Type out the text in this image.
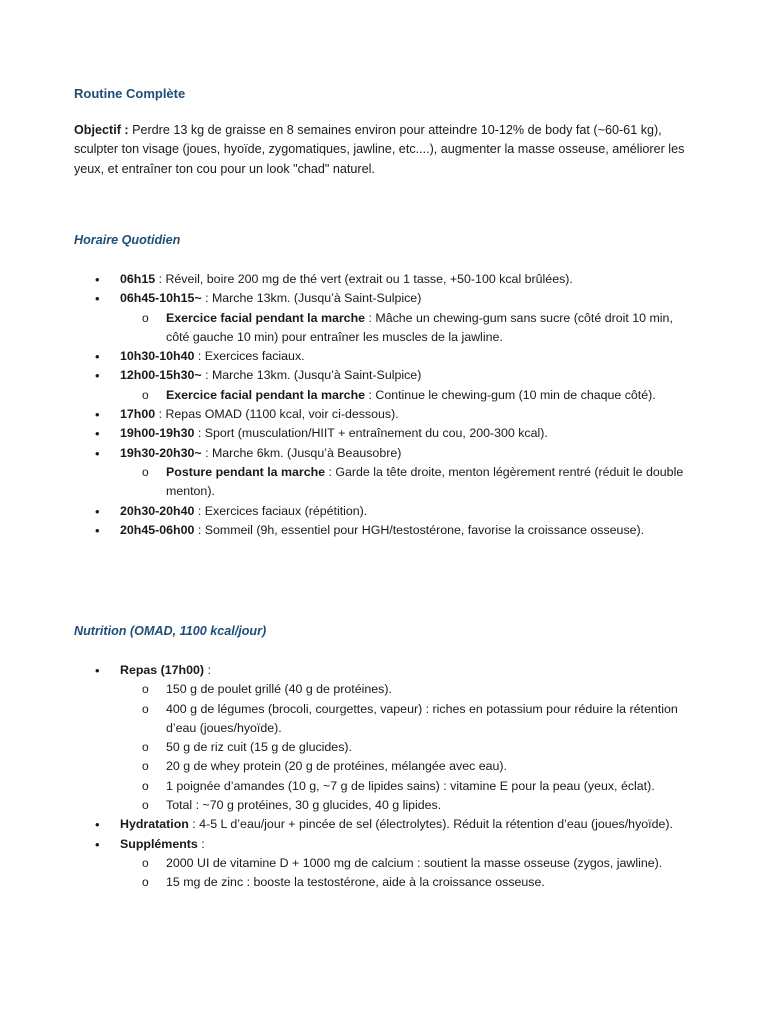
Routine Complète
Objectif : Perdre 13 kg de graisse en 8 semaines environ pour atteindre 10-12% de body fat (~60-61 kg), sculpter ton visage (joues, hyoïde, zygomatiques, jawline, etc....), augmenter la masse osseuse, améliorer les yeux, et entraîner ton cou pour un look "chad" naturel.
Horaire Quotidien
• 06h15 : Réveil, boire 200 mg de thé vert (extrait ou 1 tasse, +50-100 kcal brûlées).
• 06h45-10h15~ : Marche 13km. (Jusqu’à Saint-Sulpice)
o Exercice facial pendant la marche : Mâche un chewing-gum sans sucre (côté droit 10 min, côté gauche 10 min) pour entraîner les muscles de la jawline.
• 10h30-10h40 : Exercices faciaux.
• 12h00-15h30~ : Marche 13km. (Jusqu’à Saint-Sulpice)
o Exercice facial pendant la marche : Continue le chewing-gum (10 min de chaque côté).
• 17h00 : Repas OMAD (1100 kcal, voir ci-dessous).
• 19h00-19h30 : Sport (musculation/HIIT + entraînement du cou, 200-300 kcal).
• 19h30-20h30~ : Marche 6km. (Jusqu’à Beausobre)
o Posture pendant la marche : Garde la tête droite, menton légèrement rentré (réduit le double menton).
• 20h30-20h40 : Exercices faciaux (répétition).
• 20h45-06h00 : Sommeil (9h, essentiel pour HGH/testostérone, favorise la croissance osseuse).
Nutrition (OMAD, 1100 kcal/jour)
• Repas (17h00) :
o 150 g de poulet grillé (40 g de protéines).
o 400 g de légumes (brocoli, courgettes, vapeur) : riches en potassium pour réduire la rétention d’eau (joues/hyoïde).
o 50 g de riz cuit (15 g de glucides).
o 20 g de whey protein (20 g de protéines, mélangée avec eau).
o 1 poignée d’amandes (10 g, ~7 g de lipides sains) : vitamine E pour la peau (yeux, éclat).
o Total : ~70 g protéines, 30 g glucides, 40 g lipides.
• Hydratation : 4-5 L d’eau/jour + pincée de sel (électrolytes). Réduit la rétention d’eau (joues/hyoïde).
• Suppléments :
o 2000 UI de vitamine D + 1000 mg de calcium : soutient la masse osseuse (zygos, jawline).
o 15 mg de zinc : booste la testostérone, aide à la croissance osseuse.
